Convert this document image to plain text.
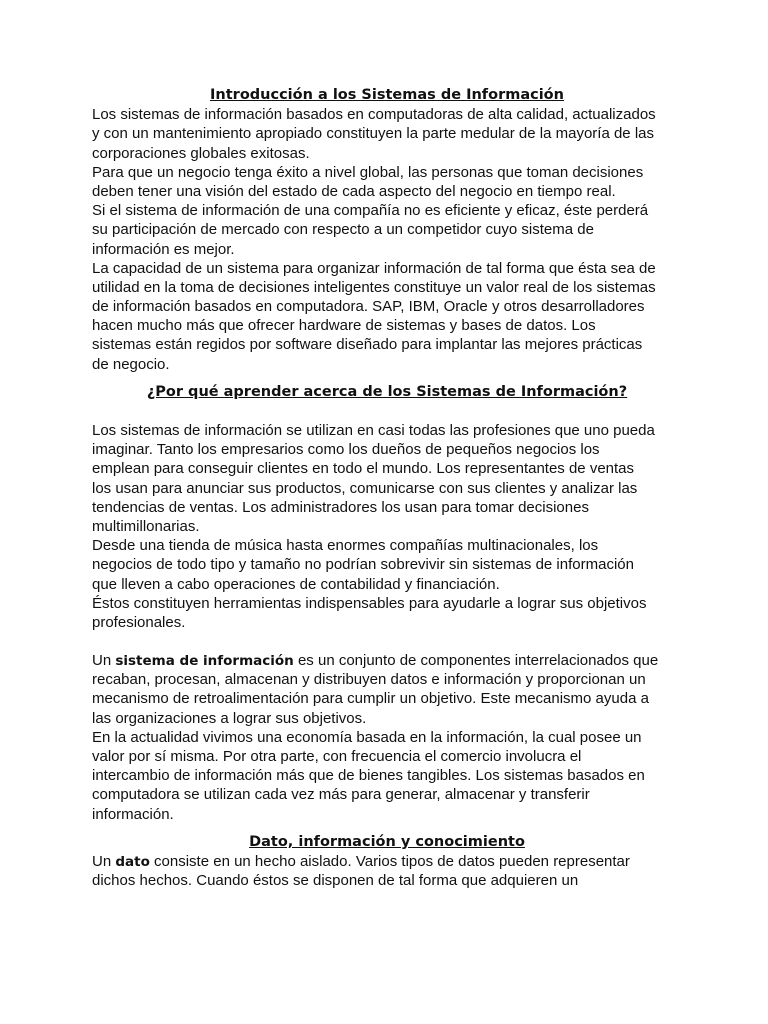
Introducción a los Sistemas de Información
Los sistemas de información basados en computadoras de alta calidad, actualizados
y con un mantenimiento apropiado constituyen la parte medular de la mayoría de las
corporaciones globales exitosas.
Para que un negocio tenga éxito a nivel global, las personas que toman decisiones
deben tener una visión del estado de cada aspecto del negocio en tiempo real.
Si el sistema de información de una compañía no es eficiente y eficaz, éste perderá
su participación de mercado con respecto a un competidor cuyo sistema de
información es mejor.
La capacidad de un sistema para organizar información de tal forma que ésta sea de
utilidad en la toma de decisiones inteligentes constituye un valor real de los sistemas
de información basados en computadora. SAP, IBM, Oracle y otros desarrolladores
hacen mucho más que ofrecer hardware de sistemas y bases de datos. Los
sistemas están regidos por software diseñado para implantar las mejores prácticas
de negocio.
¿Por qué aprender acerca de los Sistemas de Información?
Los sistemas de información se utilizan en casi todas las profesiones que uno pueda
imaginar. Tanto los empresarios como los dueños de pequeños negocios los
emplean para conseguir clientes en todo el mundo. Los representantes de ventas
los usan para anunciar sus productos, comunicarse con sus clientes y analizar las
tendencias de ventas. Los administradores los usan para tomar decisiones
multimillonarias.
Desde una tienda de música hasta enormes compañías multinacionales, los
negocios de todo tipo y tamaño no podrían sobrevivir sin sistemas de información
que lleven a cabo operaciones de contabilidad y financiación.
Éstos constituyen herramientas indispensables para ayudarle a lograr sus objetivos
profesionales.
Un sistema de información es un conjunto de componentes interrelacionados que
recaban, procesan, almacenan y distribuyen datos e información y proporcionan un
mecanismo de retroalimentación para cumplir un objetivo. Este mecanismo ayuda a
las organizaciones a lograr sus objetivos.
En la actualidad vivimos una economía basada en la información, la cual posee un
valor por sí misma. Por otra parte, con frecuencia el comercio involucra el
intercambio de información más que de bienes tangibles. Los sistemas basados en
computadora se utilizan cada vez más para generar, almacenar y transferir
información.
Dato, información y conocimiento
Un dato consiste en un hecho aislado. Varios tipos de datos pueden representar
dichos hechos. Cuando éstos se disponen de tal forma que adquieren un
